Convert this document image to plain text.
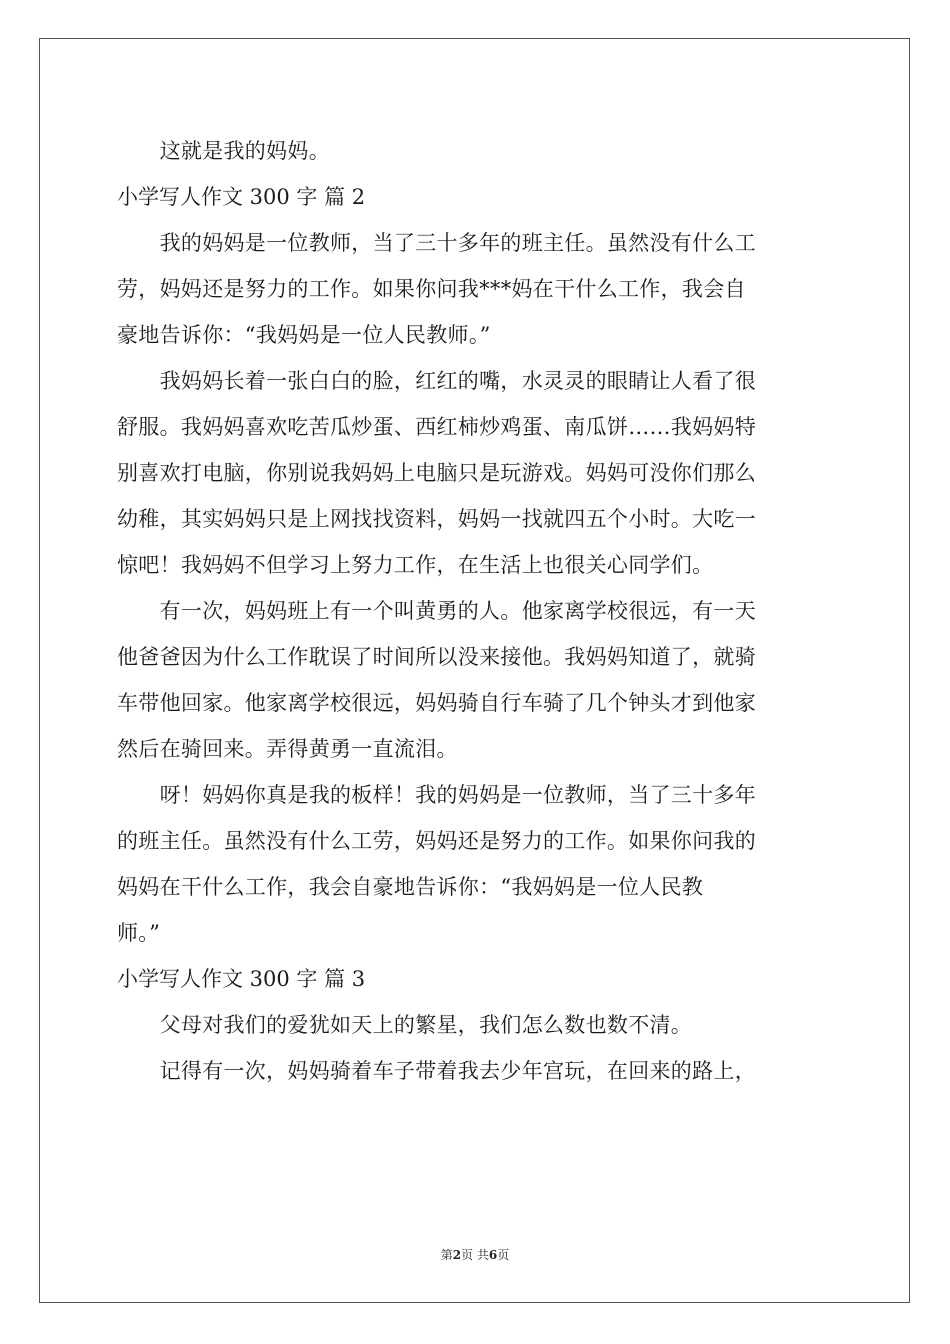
　　这就是我的妈妈。
小学写人作文 300 字 篇 2
　　我的妈妈是一位教师，当了三十多年的班主任。虽然没有什么工
劳，妈妈还是努力的工作。如果你问我***妈在干什么工作，我会自
豪地告诉你：“我妈妈是一位人民教师。”
　　我妈妈长着一张白白的脸，红红的嘴，水灵灵的眼睛让人看了很
舒服。我妈妈喜欢吃苦瓜炒蛋、西红柿炒鸡蛋、南瓜饼……我妈妈特
别喜欢打电脑，你别说我妈妈上电脑只是玩游戏。妈妈可没你们那么
幼稚，其实妈妈只是上网找找资料，妈妈一找就四五个小时。大吃一
惊吧！我妈妈不但学习上努力工作，在生活上也很关心同学们。
　　有一次，妈妈班上有一个叫黄勇的人。他家离学校很远，有一天
他爸爸因为什么工作耽误了时间所以没来接他。我妈妈知道了，就骑
车带他回家。他家离学校很远，妈妈骑自行车骑了几个钟头才到他家
然后在骑回来。弄得黄勇一直流泪。
　　呀！妈妈你真是我的板样！我的妈妈是一位教师，当了三十多年
的班主任。虽然没有什么工劳，妈妈还是努力的工作。如果你问我的
妈妈在干什么工作，我会自豪地告诉你：“我妈妈是一位人民教
师。”
小学写人作文 300 字 篇 3
　　父母对我们的爱犹如天上的繁星，我们怎么数也数不清。
　　记得有一次，妈妈骑着车子带着我去少年宫玩，在回来的路上，
第2页 共6页
